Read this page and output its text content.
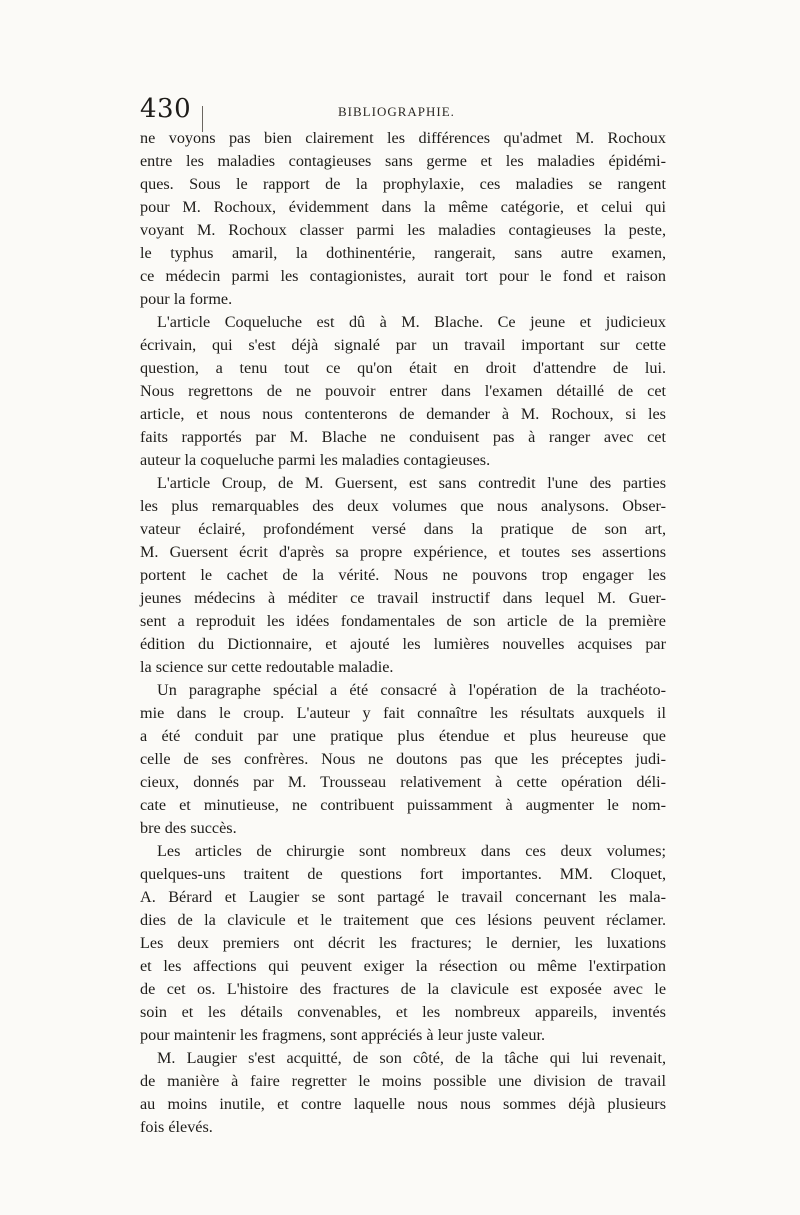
430	BIBLIOGRAPHIE.
ne voyons pas bien clairement les différences qu'admet M. Rochoux
entre les maladies contagieuses sans germe et les maladies épidémi-
ques. Sous le rapport de la prophylaxie, ces maladies se rangent
pour M. Rochoux, évidemment dans la même catégorie, et celui qui
voyant M. Rochoux classer parmi les maladies contagieuses la peste,
le typhus amaril, la dothinentérie, rangerait, sans autre examen,
ce médecin parmi les contagionistes, aurait tort pour le fond et raison
pour la forme.
L'article Coqueluche est dû à M. Blache. Ce jeune et judicieux
écrivain, qui s'est déjà signalé par un travail important sur cette
question, a tenu tout ce qu'on était en droit d'attendre de lui.
Nous regrettons de ne pouvoir entrer dans l'examen détaillé de cet
article, et nous nous contenterons de demander à M. Rochoux, si les
faits rapportés par M. Blache ne conduisent pas à ranger avec cet
auteur la coqueluche parmi les maladies contagieuses.
L'article Croup, de M. Guersent, est sans contredit l'une des parties
les plus remarquables des deux volumes que nous analysons. Obser-
vateur éclairé, profondément versé dans la pratique de son art,
M. Guersent écrit d'après sa propre expérience, et toutes ses assertions
portent le cachet de la vérité. Nous ne pouvons trop engager les
jeunes médecins à méditer ce travail instructif dans lequel M. Guer-
sent a reproduit les idées fondamentales de son article de la première
édition du Dictionnaire, et ajouté les lumières nouvelles acquises par
la science sur cette redoutable maladie.
Un paragraphe spécial a été consacré à l'opération de la trachéoto-
mie dans le croup. L'auteur y fait connaître les résultats auxquels il
a été conduit par une pratique plus étendue et plus heureuse que
celle de ses confrères. Nous ne doutons pas que les préceptes judi-
cieux, donnés par M. Trousseau relativement à cette opération déli-
cate et minutieuse, ne contribuent puissamment à augmenter le nom-
bre des succès.
Les articles de chirurgie sont nombreux dans ces deux volumes;
quelques-uns traitent de questions fort importantes. MM. Cloquet,
A. Bérard et Laugier se sont partagé le travail concernant les mala-
dies de la clavicule et le traitement que ces lésions peuvent réclamer.
Les deux premiers ont décrit les fractures; le dernier, les luxations
et les affections qui peuvent exiger la résection ou même l'extirpation
de cet os. L'histoire des fractures de la clavicule est exposée avec le
soin et les détails convenables, et les nombreux appareils, inventés
pour maintenir les fragmens, sont appréciés à leur juste valeur.
M. Laugier s'est acquitté, de son côté, de la tâche qui lui revenait,
de manière à faire regretter le moins possible une division de travail
au moins inutile, et contre laquelle nous nous sommes déjà plusieurs
fois élevés.
